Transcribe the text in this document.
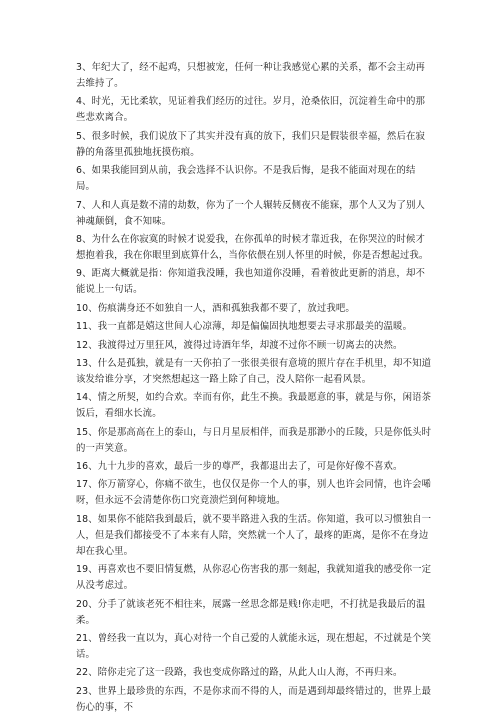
3、年纪大了，经不起鸡，只想被宠，任何一种让我感觉心累的关系，都不会主动再去维持了。

4、时光，无比柔软，见证着我们经历的过往。岁月，沧桑依旧，沉淀着生命中的那些悲欢离合。

5、很多时候，我们说放下了其实并没有真的放下，我们只是假装很幸福，然后在寂静的角落里孤独地抚摸伤痕。

6、如果我能回到从前，我会选择不认识你。不是我后悔，是我不能面对现在的结局。

7、人和人真是数不清的劫数，你为了一个人辗转反侧夜不能寐，那个人又为了别人神魂颠倒，食不知味。

8、为什么在你寂寞的时候才说爱我，在你孤单的时候才靠近我，在你哭泣的时候才想抱着我，我在你眼里到底算什么，当你依偎在别人怀里的时候，你是否想起过我。

9、距离大概就是指：你知道我没睡，我也知道你没睡，看着彼此更新的消息，却不能说上一句话。

10、伤痕满身还不如独自一人，酒和孤独我都不要了，放过我吧。

11、我一直都是嬉这世间人心凉薄，却是偏偏固执地想要去寻求那最美的温暖。

12、我渡得过万里狂风，渡得过诗酒年华，却渡不过你不顾一切离去的决然。

13、什么是孤独，就是有一天你拍了一张很美很有意境的照片存在手机里，却不知道该发给谁分享，才突然想起这一路上除了自己，没人陪你一起看风景。

14、情之所契，如约合欢。幸而有你，此生不换。我最愿意的事，就是与你，闲语茶饭后，看细水长流。

15、你是那高高在上的泰山，与日月星辰相伴，而我是那渺小的丘陵，只是你低头时的一声笑意。

16、九十九步的喜欢，最后一步的尊严，我都退出去了，可是你好像不喜欢。

17、你万箭穿心，你痛不欲生，也仅仅是你一个人的事，别人也许会同情，也许会唏呀，但永远不会清楚你伤口究竟溃烂到何种境地。

18、如果你不能陪我到最后，就不要半路进入我的生活。你知道，我可以习惯独自一人，但是我们都接受不了本来有人陪，突然就一个人了，最疼的距离，是你不在身边却在我心里。

19、再喜欢也不要旧情复燃，从你忍心伤害我的那一刻起，我就知道我的感受你一定从没考虑过。

20、分手了就该老死不相往来，展露一丝思念都是贱!你走吧，不打扰是我最后的温柔。

21、曾经我一直以为，真心对待一个自己爱的人就能永远，现在想起，不过就是个笑话。

22、陪你走完了这一段路，我也变成你路过的路，从此人山人海，不再归来。

23、世界上最珍贵的东西，不是你求而不得的人，而是遇到却最终错过的，世界上最伤心的事，不
